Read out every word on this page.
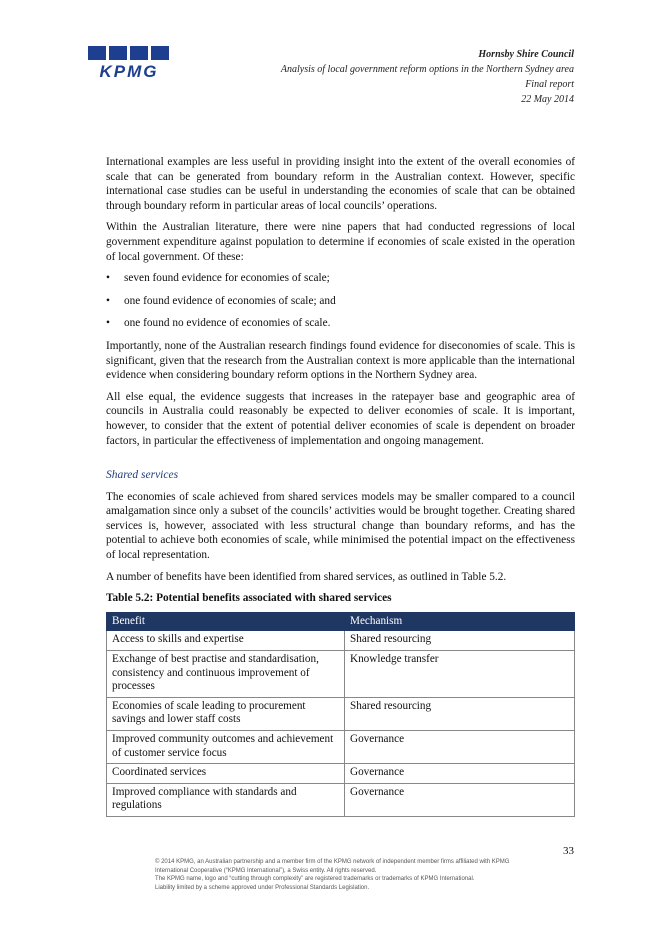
KPMG
Hornsby Shire Council
Analysis of local government reform options in the Northern Sydney area
Final report
22 May 2014

International examples are less useful in providing insight into the extent of the overall economies of scale that can be generated from boundary reform in the Australian context. However, specific international case studies can be useful in understanding the economies of scale that can be obtained through boundary reform in particular areas of local councils’ operations.

Within the Australian literature, there were nine papers that had conducted regressions of local government expenditure against population to determine if economies of scale existed in the operation of local government. Of these:

• seven found evidence for economies of scale;
• one found evidence of economies of scale; and
• one found no evidence of economies of scale.

Importantly, none of the Australian research findings found evidence for diseconomies of scale. This is significant, given that the research from the Australian context is more applicable than the international evidence when considering boundary reform options in the Northern Sydney area.

All else equal, the evidence suggests that increases in the ratepayer base and geographic area of councils in Australia could reasonably be expected to deliver economies of scale. It is important, however, to consider that the extent of potential deliver economies of scale is dependent on broader factors, in particular the effectiveness of implementation and ongoing management.

Shared services

The economies of scale achieved from shared services models may be smaller compared to a council amalgamation since only a subset of the councils’ activities would be brought together. Creating shared services is, however, associated with less structural change than boundary reforms, and has the potential to achieve both economies of scale, while minimised the potential impact on the effectiveness of local representation.

A number of benefits have been identified from shared services, as outlined in Table 5.2.

Table 5.2: Potential benefits associated with shared services
Benefit	Mechanism
Access to skills and expertise	Shared resourcing
Exchange of best practise and standardisation, consistency and continuous improvement of processes	Knowledge transfer
Economies of scale leading to procurement savings and lower staff costs	Shared resourcing
Improved community outcomes and achievement of customer service focus	Governance
Coordinated services	Governance
Improved compliance with standards and regulations	Governance
33
© 2014 KPMG, an Australian partnership and a member firm of the KPMG network of independent member firms affiliated with KPMG International Cooperative (“KPMG International”), a Swiss entity. All rights reserved.
The KPMG name, logo and “cutting through complexity” are registered trademarks or trademarks of KPMG International.
Liability limited by a scheme approved under Professional Standards Legislation.
